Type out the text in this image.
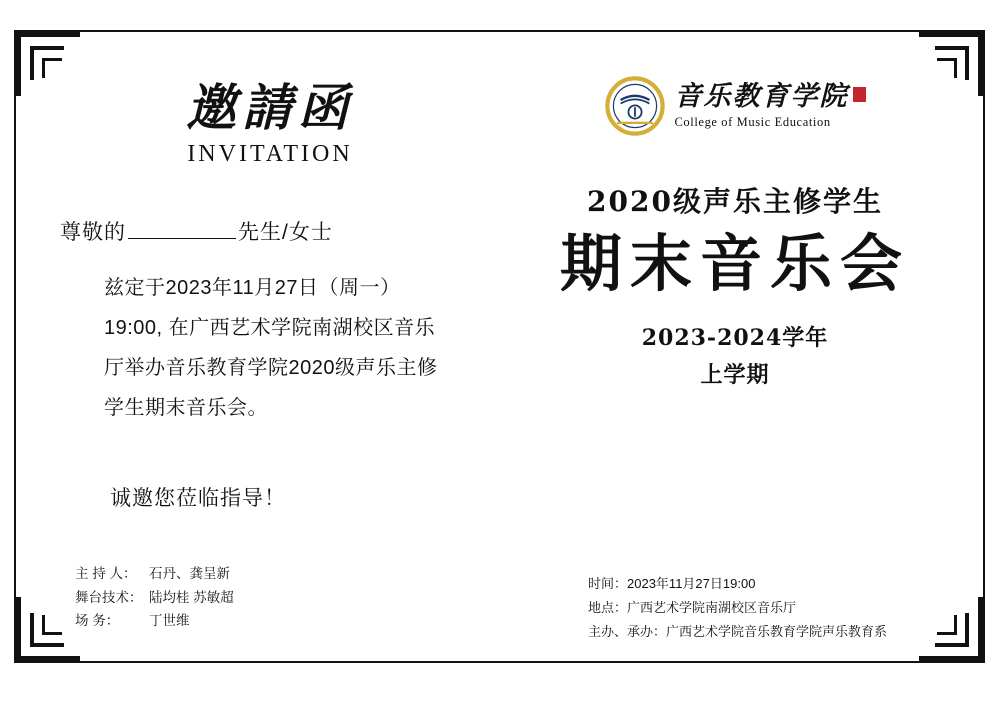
邀請函
INVITATION
尊敬的	先生/女士

兹定于2023年11月27日（周一）

19:00, 在广西艺术学院南湖校区音乐

厅举办音乐教育学院2020级声乐主修

学生期末音乐会。

诚邀您莅临指导！
主 持 人： 石丹、龚呈新
舞台技术： 陆均桂 苏敏超
场 务： 丁世维
音乐教育学院
College of Music Education
2020级声乐主修学生
期末音乐会
2023-2024学年
上学期
时间：2023年11月27日19:00
地点：广西艺术学院南湖校区音乐厅
主办、承办：广西艺术学院音乐教育学院声乐教育系
